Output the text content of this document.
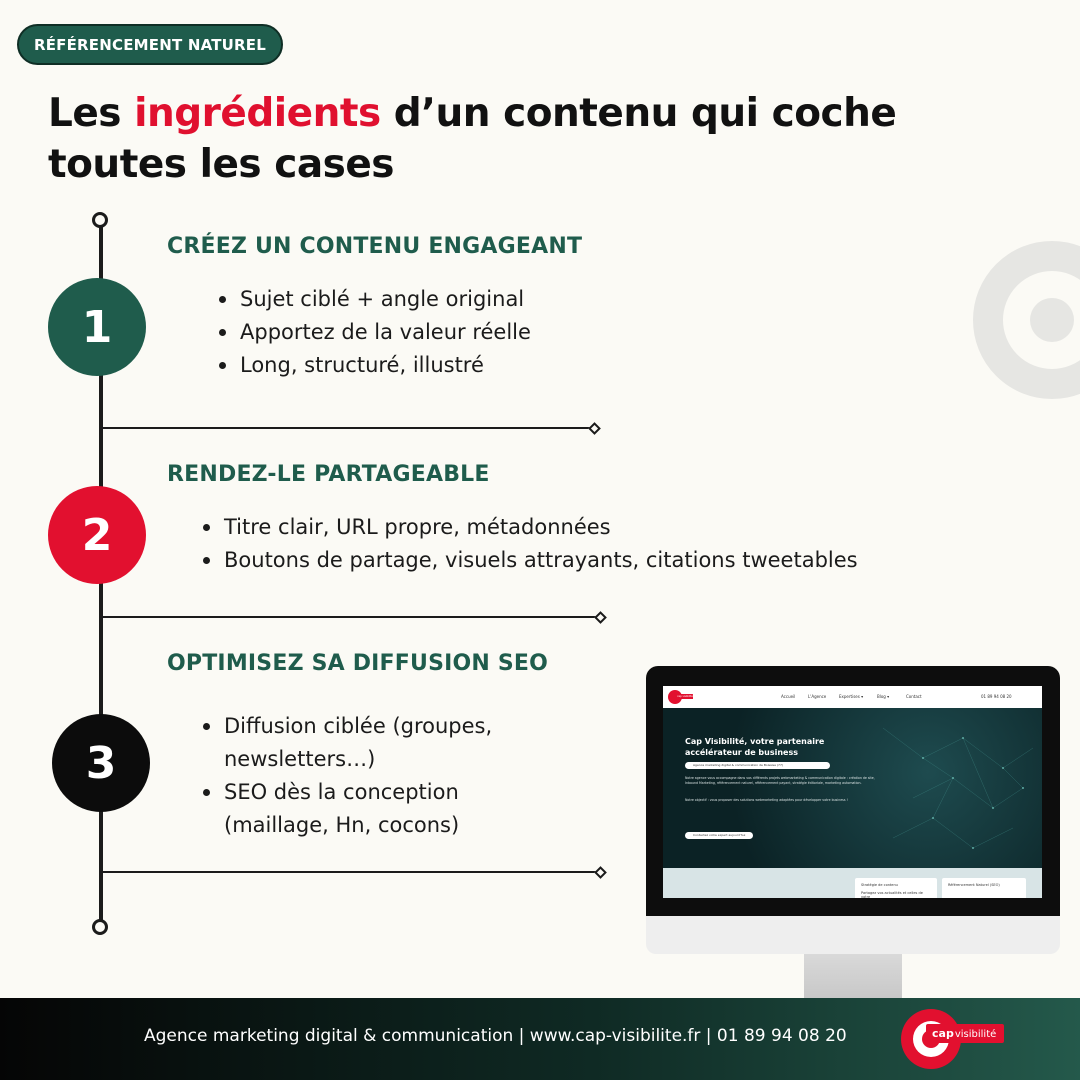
RÉFÉRENCEMENT NATUREL
Les ingrédients d’un contenu qui coche toutes les cases
1
CRÉEZ UN CONTENU ENGAGEANT
Sujet ciblé + angle original
Apportez de la valeur réelle
Long, structuré, illustré
2
RENDEZ-LE PARTAGEABLE
Titre clair, URL propre, métadonnées
Boutons de partage, visuels attrayants, citations tweetables
3
OPTIMISEZ SA DIFFUSION SEO
Diffusion ciblée (groupes, newsletters…)
SEO dès la conception (maillage, Hn, cocons)
cap visibilité	Accueil	L'Agence	Expertises ▾	Blog ▾	Contact	01 89 94 08 20

Cap Visibilité, votre partenaire accélérateur de business

Agence marketing digital & communication de Boissise (77)

Notre agence vous accompagne dans vos différents projets webmarketing & communication digitale : création de site, Inbound Marketing, référencement naturel, référencement payant, stratégie éditoriale, marketing automation.

Notre objectif : vous proposer des solutions webmarketing adaptées pour développer votre business !

Contactez votre expert aujourd'hui
Stratégie de contenu
Partagez vos actualités et celles de votre
Référencement Naturel (SEO)
Agence marketing digital & communication | www.cap-visibilite.fr | 01 89 94 08 20	capvisibilité
